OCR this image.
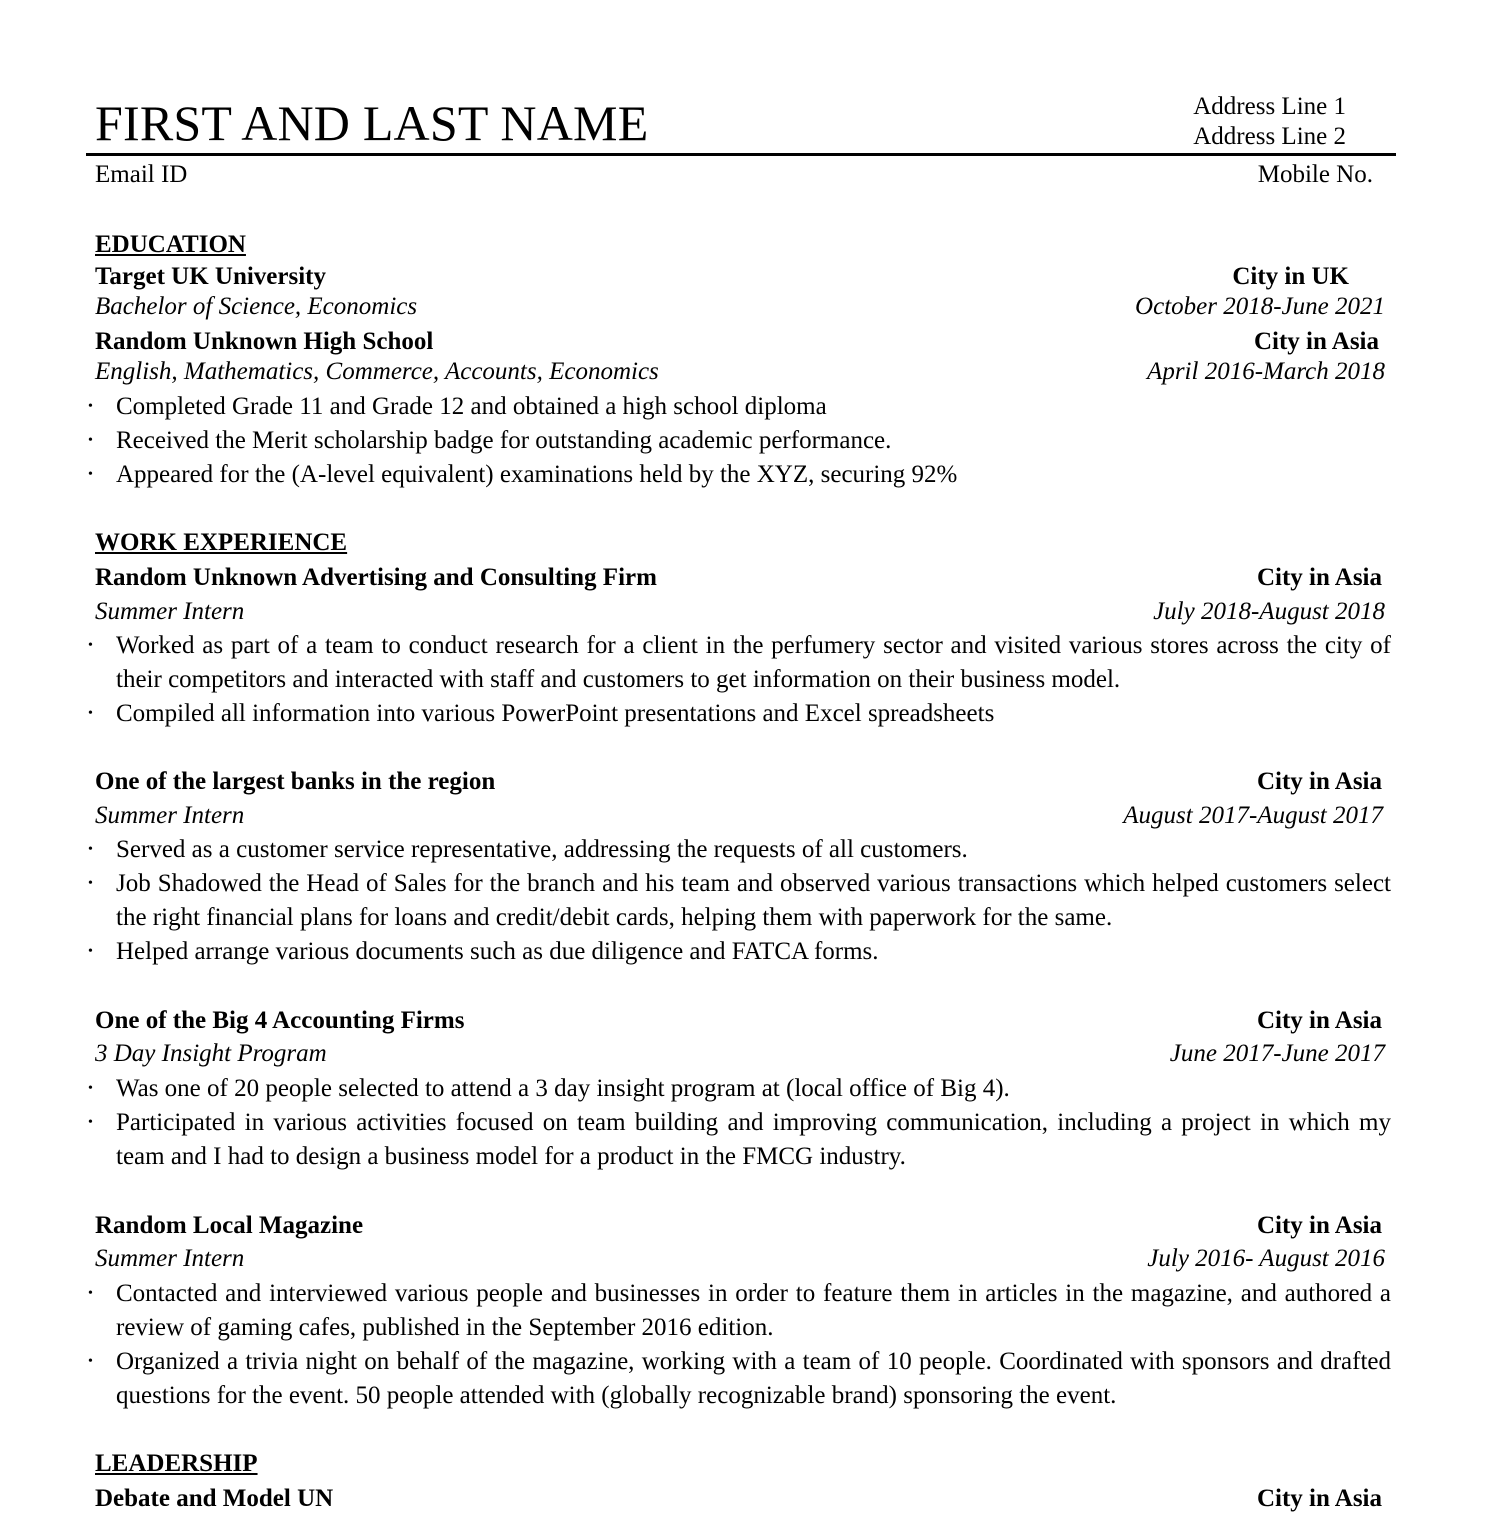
FIRST AND LAST NAME	Address Line 1
Address Line 2
Email ID	Mobile No.
EDUCATION
Target UK University	City in UK
Bachelor of Science, Economics	October 2018-June 2021
Random Unknown High School	City in Asia
English, Mathematics, Commerce, Accounts, Economics	April 2016-March 2018
• Completed Grade 11 and Grade 12 and obtained a high school diploma
• Received the Merit scholarship badge for outstanding academic performance.
• Appeared for the (A-level equivalent) examinations held by the XYZ, securing 92%
WORK EXPERIENCE
Random Unknown Advertising and Consulting Firm	City in Asia
Summer Intern	July 2018-August 2018
• Worked as part of a team to conduct research for a client in the perfumery sector and visited various stores across the city of their competitors and interacted with staff and customers to get information on their business model.
• Compiled all information into various PowerPoint presentations and Excel spreadsheets
One of the largest banks in the region	City in Asia
Summer Intern	August 2017-August 2017
• Served as a customer service representative, addressing the requests of all customers.
• Job Shadowed the Head of Sales for the branch and his team and observed various transactions which helped customers select the right financial plans for loans and credit/debit cards, helping them with paperwork for the same.
• Helped arrange various documents such as due diligence and FATCA forms.
One of the Big 4 Accounting Firms	City in Asia
3 Day Insight Program	June 2017-June 2017
• Was one of 20 people selected to attend a 3 day insight program at (local office of Big 4).
• Participated in various activities focused on team building and improving communication, including a project in which my team and I had to design a business model for a product in the FMCG industry.
Random Local Magazine	City in Asia
Summer Intern	July 2016- August 2016
• Contacted and interviewed various people and businesses in order to feature them in articles in the magazine, and authored a review of gaming cafes, published in the September 2016 edition.
• Organized a trivia night on behalf of the magazine, working with a team of 10 people. Coordinated with sponsors and drafted questions for the event. 50 people attended with (globally recognizable brand) sponsoring the event.
LEADERSHIP
Debate and Model UN	City in Asia
